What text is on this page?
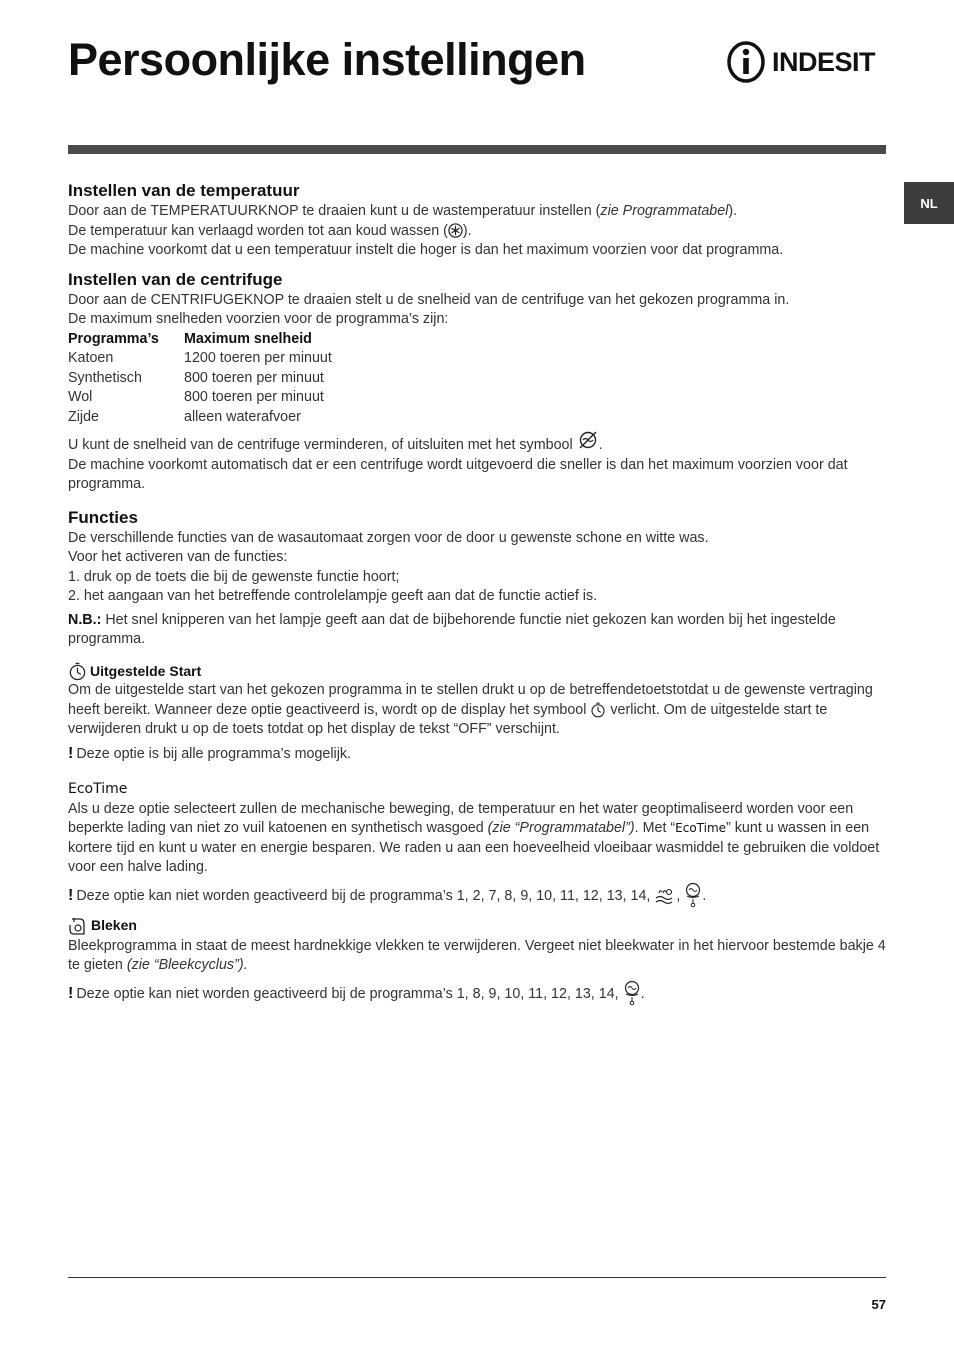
Persoonlijke instellingen	INDESIT
NL
Instellen van de temperatuur

Door aan de TEMPERATUURKNOP te draaien kunt u de wastemperatuur instellen (zie Programmatabel).

De temperatuur kan verlaagd worden tot aan koud wassen ( ).

De machine voorkomt dat u een temperatuur instelt die hoger is dan het maximum voorzien voor dat programma.

Instellen van de centrifuge

Door aan de CENTRIFUGEKNOP te draaien stelt u de snelheid van de centrifuge van het gekozen programma in.

De maximum snelheden voorzien voor de programma’s zijn:

Programma’s	Maximum snelheid
Katoen	1200 toeren per minuut
Synthetisch	800 toeren per minuut
Wol	800 toeren per minuut
Zijde	alleen waterafvoer

U kunt de snelheid van de centrifuge verminderen, of uitsluiten met het symbool .

De machine voorkomt automatisch dat er een centrifuge wordt uitgevoerd die sneller is dan het maximum voorzien voor dat programma.

Functies

De verschillende functies van de wasautomaat zorgen voor de door u gewenste schone en witte was.

Voor het activeren van de functies:

1. druk op de toets die bij de gewenste functie hoort;

2. het aangaan van het betreffende controlelampje geeft aan dat de functie actief is.

N.B.: Het snel knipperen van het lampje geeft aan dat de bijbehorende functie niet gekozen kan worden bij het ingestelde programma.

Uitgestelde Start

Om de uitgestelde start van het gekozen programma in te stellen drukt u op de betreffendetoetstotdat u de gewenste vertraging heeft bereikt. Wanneer deze optie geactiveerd is, wordt op de display het symbool verlicht. Om de uitgestelde start te verwijderen drukt u op de toets totdat op het display de tekst “OFF” verschijnt.

! Deze optie is bij alle programma’s mogelijk.

EcoTime

Als u deze optie selecteert zullen de mechanische beweging, de temperatuur en het water geoptimaliseerd worden voor een beperkte lading van niet zo vuil katoenen en synthetisch wasgoed (zie “Programmatabel”). Met “EcoTime” kunt u wassen in een kortere tijd en kunt u water en energie besparen. We raden u aan een hoeveelheid vloeibaar wasmiddel te gebruiken die voldoet voor een halve lading.

! Deze optie kan niet worden geactiveerd bij de programma’s 1, 2, 7, 8, 9, 10, 11, 12, 13, 14, , .

Bleken

Bleekprogramma in staat de meest hardnekkige vlekken te verwijderen. Vergeet niet bleekwater in het hiervoor bestemde bakje 4 te gieten (zie “Bleekcyclus”).

! Deze optie kan niet worden geactiveerd bij de programma’s 1, 8, 9, 10, 11, 12, 13, 14, .

57
